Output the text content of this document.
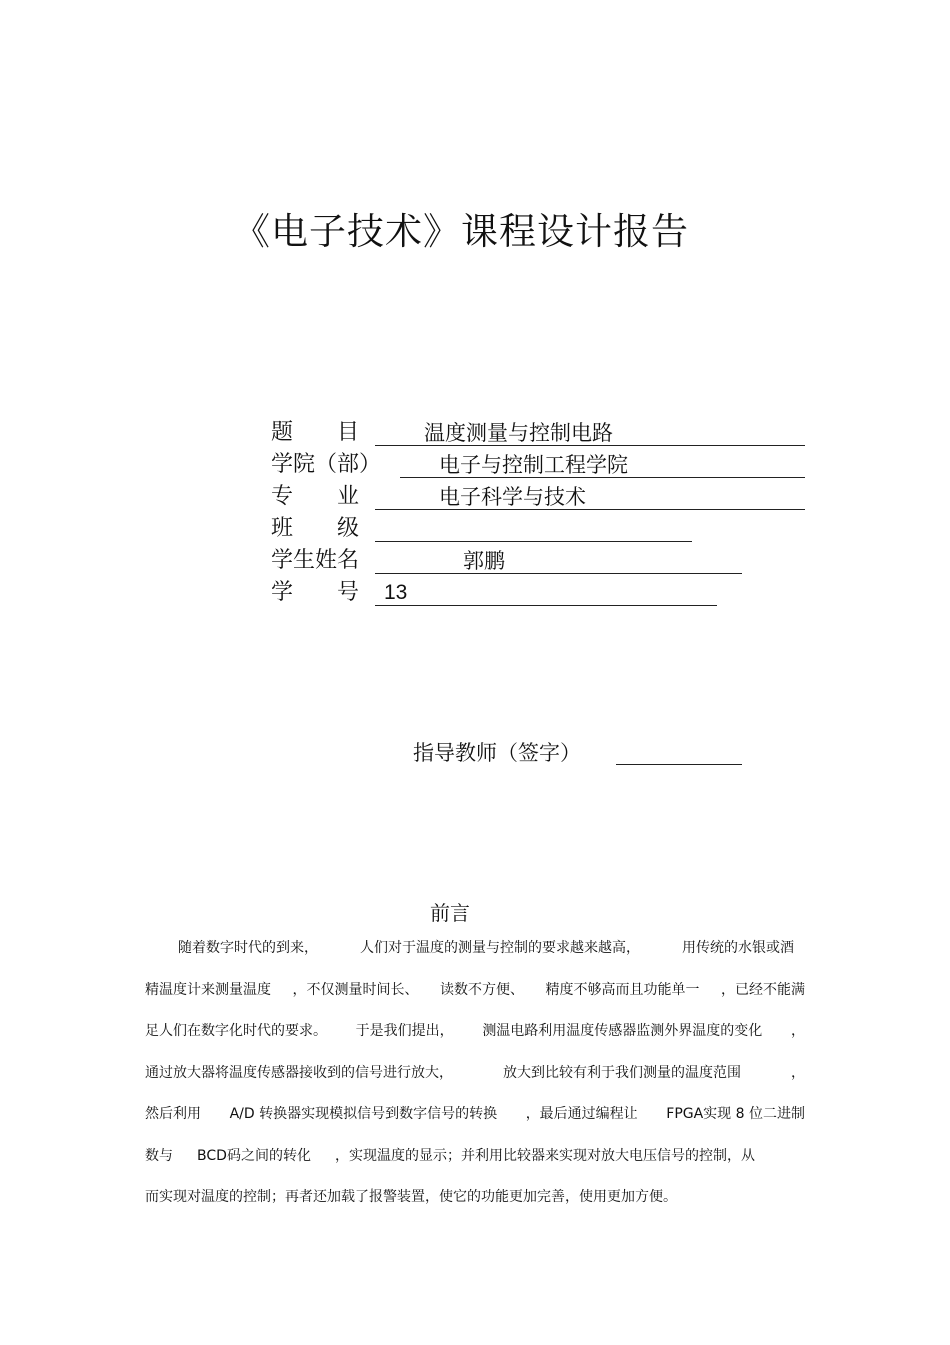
《电子技术》课程设计报告
题　　目	温度测量与控制电路
学院（部）	电子与控制工程学院
专　　业	电子科学与技术
班　　级
学生姓名	郭鹏
学　　号 13
指导教师（签字）
前言
随着数字时代的到来，	人们对于温度的测量与控制的要求越来越高，	用传统的水银或酒
精温度计来测量温度 ，不仅测量时间长、 读数不方便、 精度不够高而且功能单一 ，已经不能满
足人们在数字化时代的要求。 于是我们提出， 测温电路利用温度传感器监测外界温度的变化 ，
通过放大器将温度传感器接收到的信号进行放大，	放大到比较有利于我们测量的温度范围	，
然后利用 A/D 转换器实现模拟信号到数字信号的转换 ，最后通过编程让 FPGA实现 8 位二进制
数与 BCD码之间的转化 ，实现温度的显示；并利用比较器来实现对放大电压信号的控制，从
而实现对温度的控制；再者还加载了报警装置，使它的功能更加完善，使用更加方便。
